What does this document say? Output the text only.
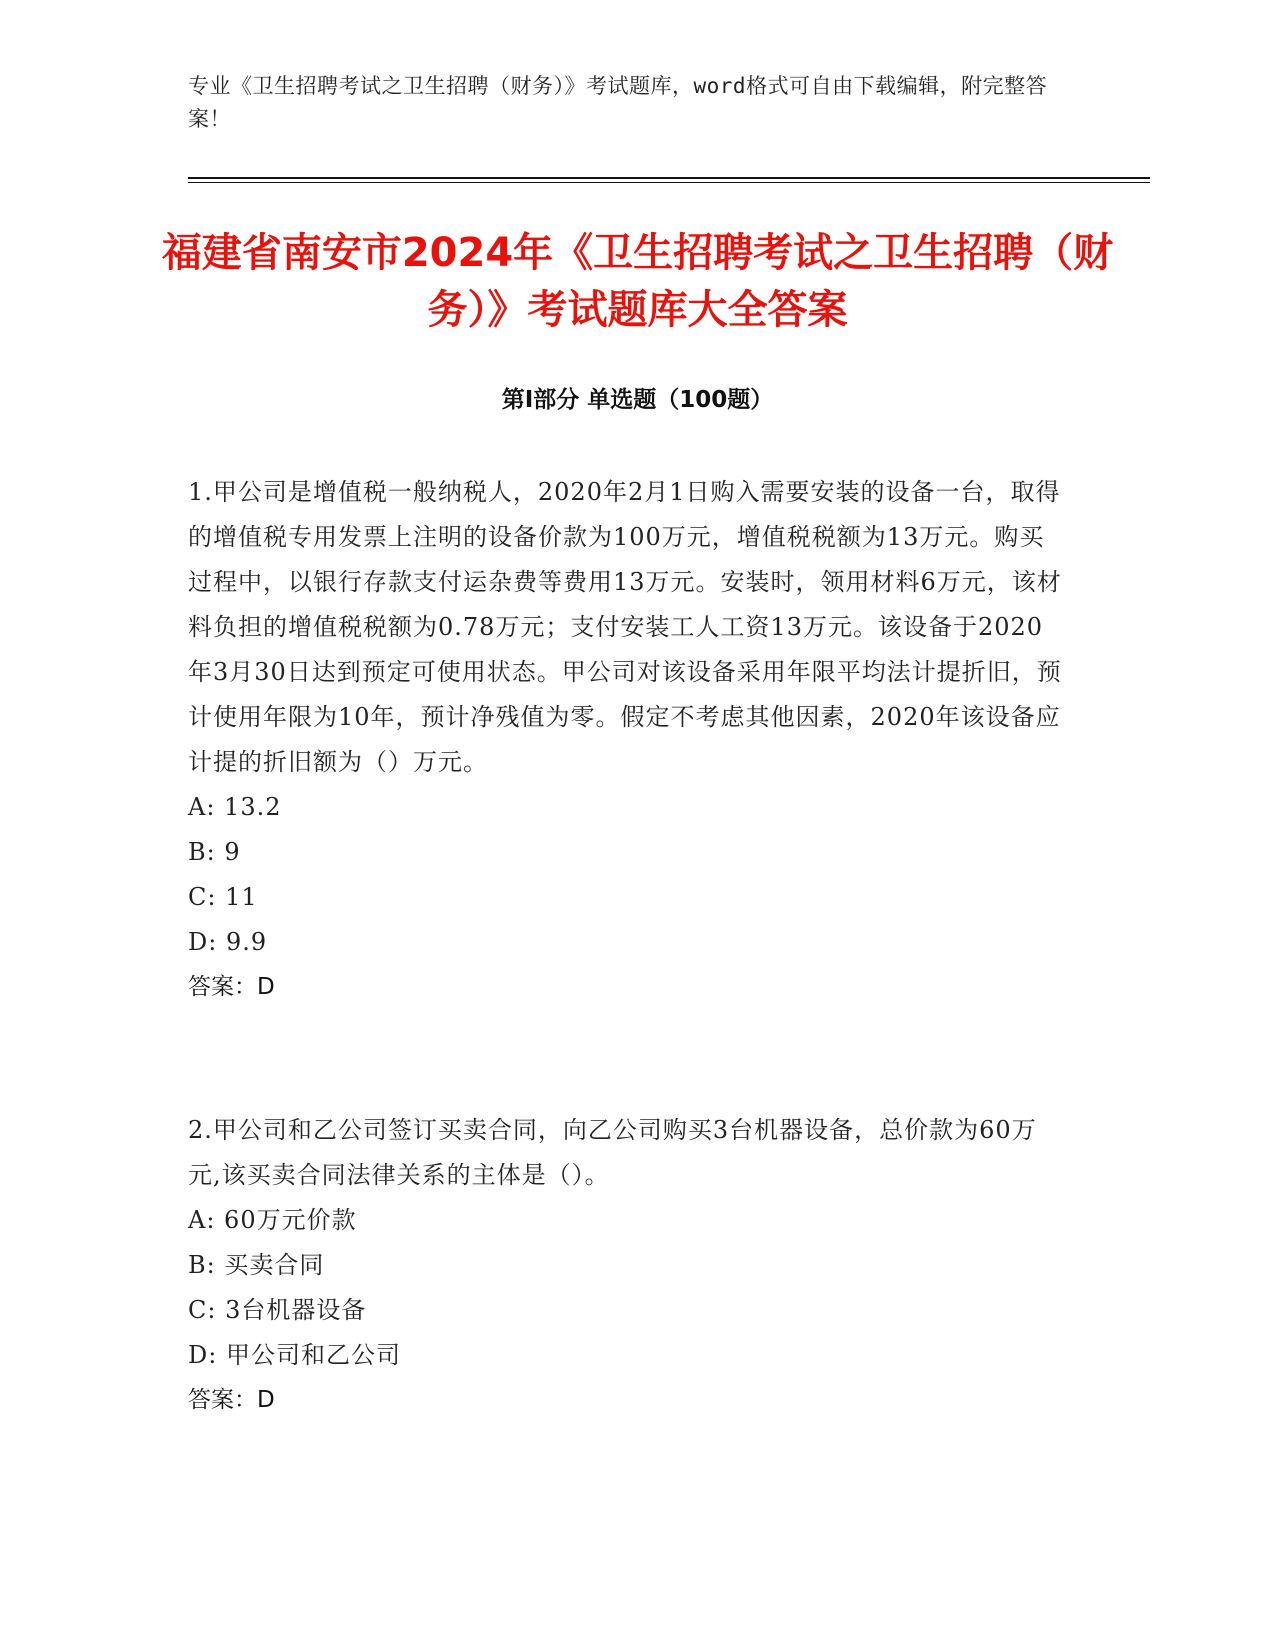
专业《卫生招聘考试之卫生招聘（财务）》考试题库，word格式可自由下载编辑，附完整答案！
福建省南安市2024年《卫生招聘考试之卫生招聘（财务）》考试题库大全答案
第I部分 单选题（100题）
1.甲公司是增值税一般纳税人，2020年2月1日购入需要安装的设备一台，取得的增值税专用发票上注明的设备价款为100万元，增值税税额为13万元。购买过程中，以银行存款支付运杂费等费用13万元。安装时，领用材料6万元，该材料负担的增值税税额为0.78万元；支付安装工人工资13万元。该设备于2020年3月30日达到预定可使用状态。甲公司对该设备采用年限平均法计提折旧，预计使用年限为10年，预计净残值为零。假定不考虑其他因素，2020年该设备应计提的折旧额为（）万元。
A: 13.2
B: 9
C: 11
D: 9.9
答案：D
2.甲公司和乙公司签订买卖合同，向乙公司购买3台机器设备，总价款为60万元,该买卖合同法律关系的主体是（）。
A: 60万元价款
B: 买卖合同
C: 3台机器设备
D: 甲公司和乙公司
答案：D
